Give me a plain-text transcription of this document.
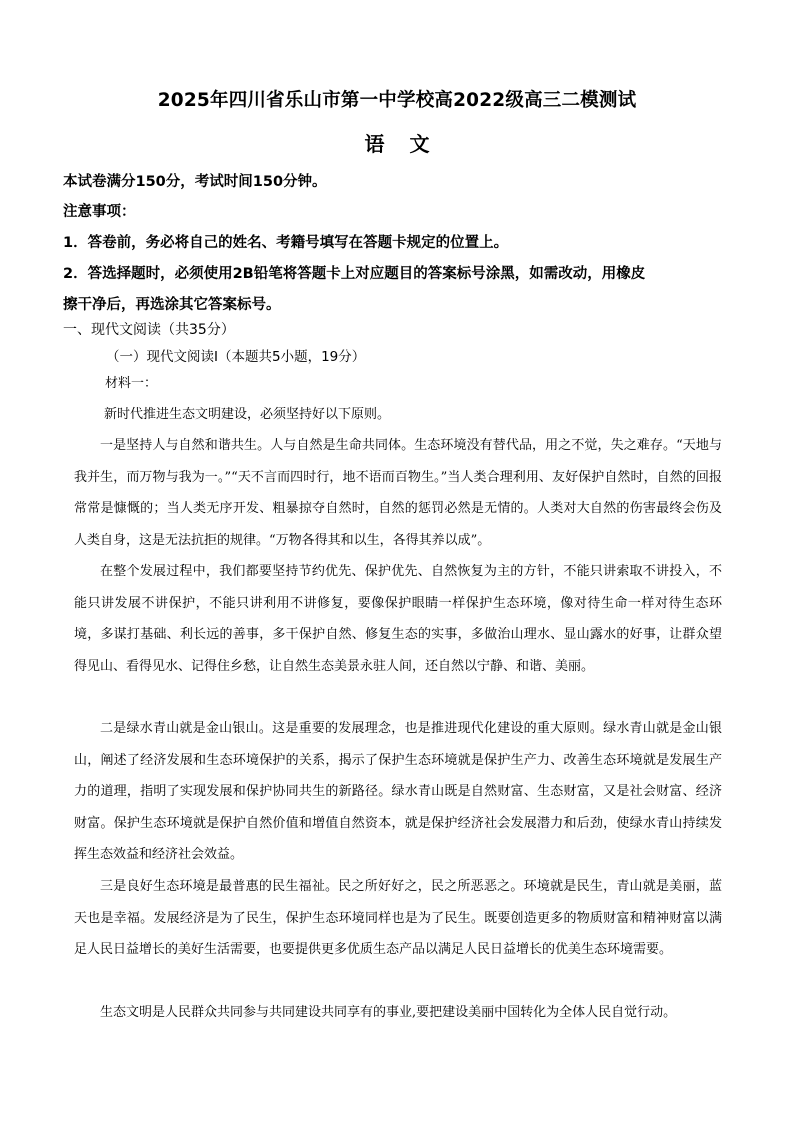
2025年四川省乐山市第一中学校高2022级高三二模测试
语 文
本试卷满分150分，考试时间150分钟。
注意事项：
1．答卷前，务必将自己的姓名、考籍号填写在答题卡规定的位置上。
2．答选择题时，必须使用2B铅笔将答题卡上对应题目的答案标号涂黑，如需改动，用橡皮
擦干净后，再选涂其它答案标号。
一、现代文阅读（共35分）
（一）现代文阅读Ⅰ（本题共5小题，19分）
材料一：
新时代推进生态文明建设，必须坚持好以下原则。
一是坚持人与自然和谐共生。人与自然是生命共同体。生态环境没有替代品，用之不觉，失之难存。“天地与我并生，而万物与我为一。”“天不言而四时行，地不语而百物生。”当人类合理利用、友好保护自然时，自然的回报常常是慷慨的；当人类无序开发、粗暴掠夺自然时，自然的惩罚必然是无情的。人类对大自然的伤害最终会伤及人类自身，这是无法抗拒的规律。“万物各得其和以生，各得其养以成”。
在整个发展过程中，我们都要坚持节约优先、保护优先、自然恢复为主的方针，不能只讲索取不讲投入，不能只讲发展不讲保护，不能只讲利用不讲修复，要像保护眼睛一样保护生态环境，像对待生命一样对待生态环境，多谋打基础、利长远的善事，多干保护自然、修复生态的实事，多做治山理水、显山露水的好事，让群众望得见山、看得见水、记得住乡愁，让自然生态美景永驻人间，还自然以宁静、和谐、美丽。
二是绿水青山就是金山银山。这是重要的发展理念，也是推进现代化建设的重大原则。绿水青山就是金山银山，阐述了经济发展和生态环境保护的关系，揭示了保护生态环境就是保护生产力、改善生态环境就是发展生产力的道理，指明了实现发展和保护协同共生的新路径。绿水青山既是自然财富、生态财富，又是社会财富、经济财富。保护生态环境就是保护自然价值和增值自然资本，就是保护经济社会发展潜力和后劲，使绿水青山持续发挥生态效益和经济社会效益。
三是良好生态环境是最普惠的民生福祉。民之所好好之，民之所恶恶之。环境就是民生，青山就是美丽，蓝天也是幸福。发展经济是为了民生，保护生态环境同样也是为了民生。既要创造更多的物质财富和精神财富以满足人民日益增长的美好生活需要，也要提供更多优质生态产品以满足人民日益增长的优美生态环境需要。
生态文明是人民群众共同参与共同建设共同享有的事业,要把建设美丽中国转化为全体人民自觉行动。
